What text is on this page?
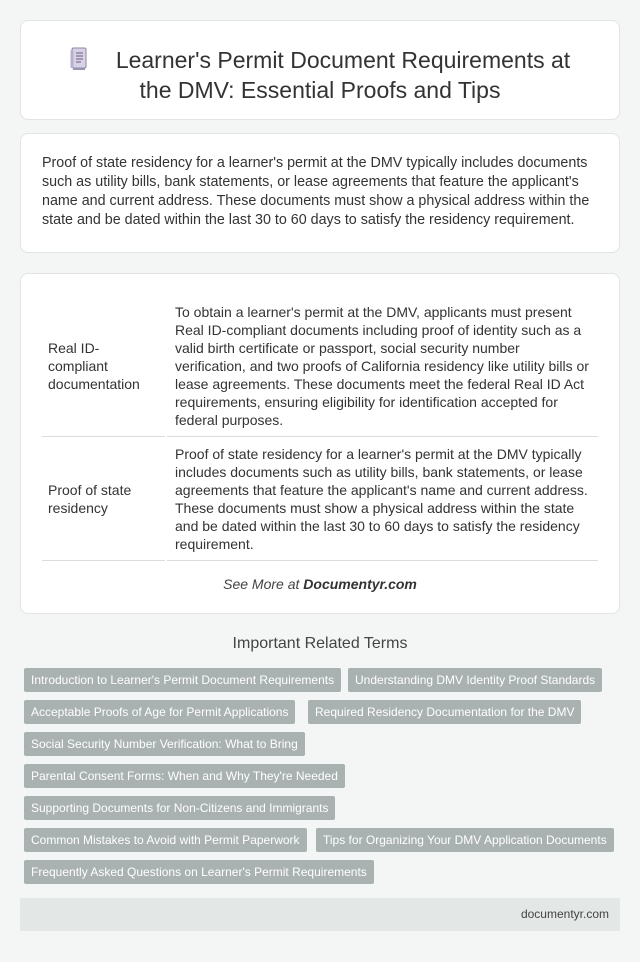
Learner's Permit Document Requirements at
the DMV: Essential Proofs and Tips

Proof of state residency for a learner's permit at the DMV typically includes documents such as utility bills, bank statements, or lease agreements that feature the applicant's name and current address. These documents must show a physical address within the state and be dated within the last 30 to 60 days to satisfy the residency requirement.

Real ID-compliant documentation	To obtain a learner's permit at the DMV, applicants must present Real ID-compliant documents including proof of identity such as a valid birth certificate or passport, social security number verification, and two proofs of California residency like utility bills or lease agreements. These documents meet the federal Real ID Act requirements, ensuring eligibility for identification accepted for federal purposes.
Proof of state residency	Proof of state residency for a learner's permit at the DMV typically includes documents such as utility bills, bank statements, or lease agreements that feature the applicant's name and current address. These documents must show a physical address within the state and be dated within the last 30 to 60 days to satisfy the residency requirement.
See More at Documentyr.com
Important Related Terms
Introduction to Learner's Permit Document Requirements	Understanding DMV Identity Proof Standards
Acceptable Proofs of Age for Permit Applications	Required Residency Documentation for the DMV
Social Security Number Verification: What to Bring
Parental Consent Forms: When and Why They're Needed
Supporting Documents for Non-Citizens and Immigrants
Common Mistakes to Avoid with Permit Paperwork	Tips for Organizing Your DMV Application Documents
Frequently Asked Questions on Learner's Permit Requirements
documentyr.com
